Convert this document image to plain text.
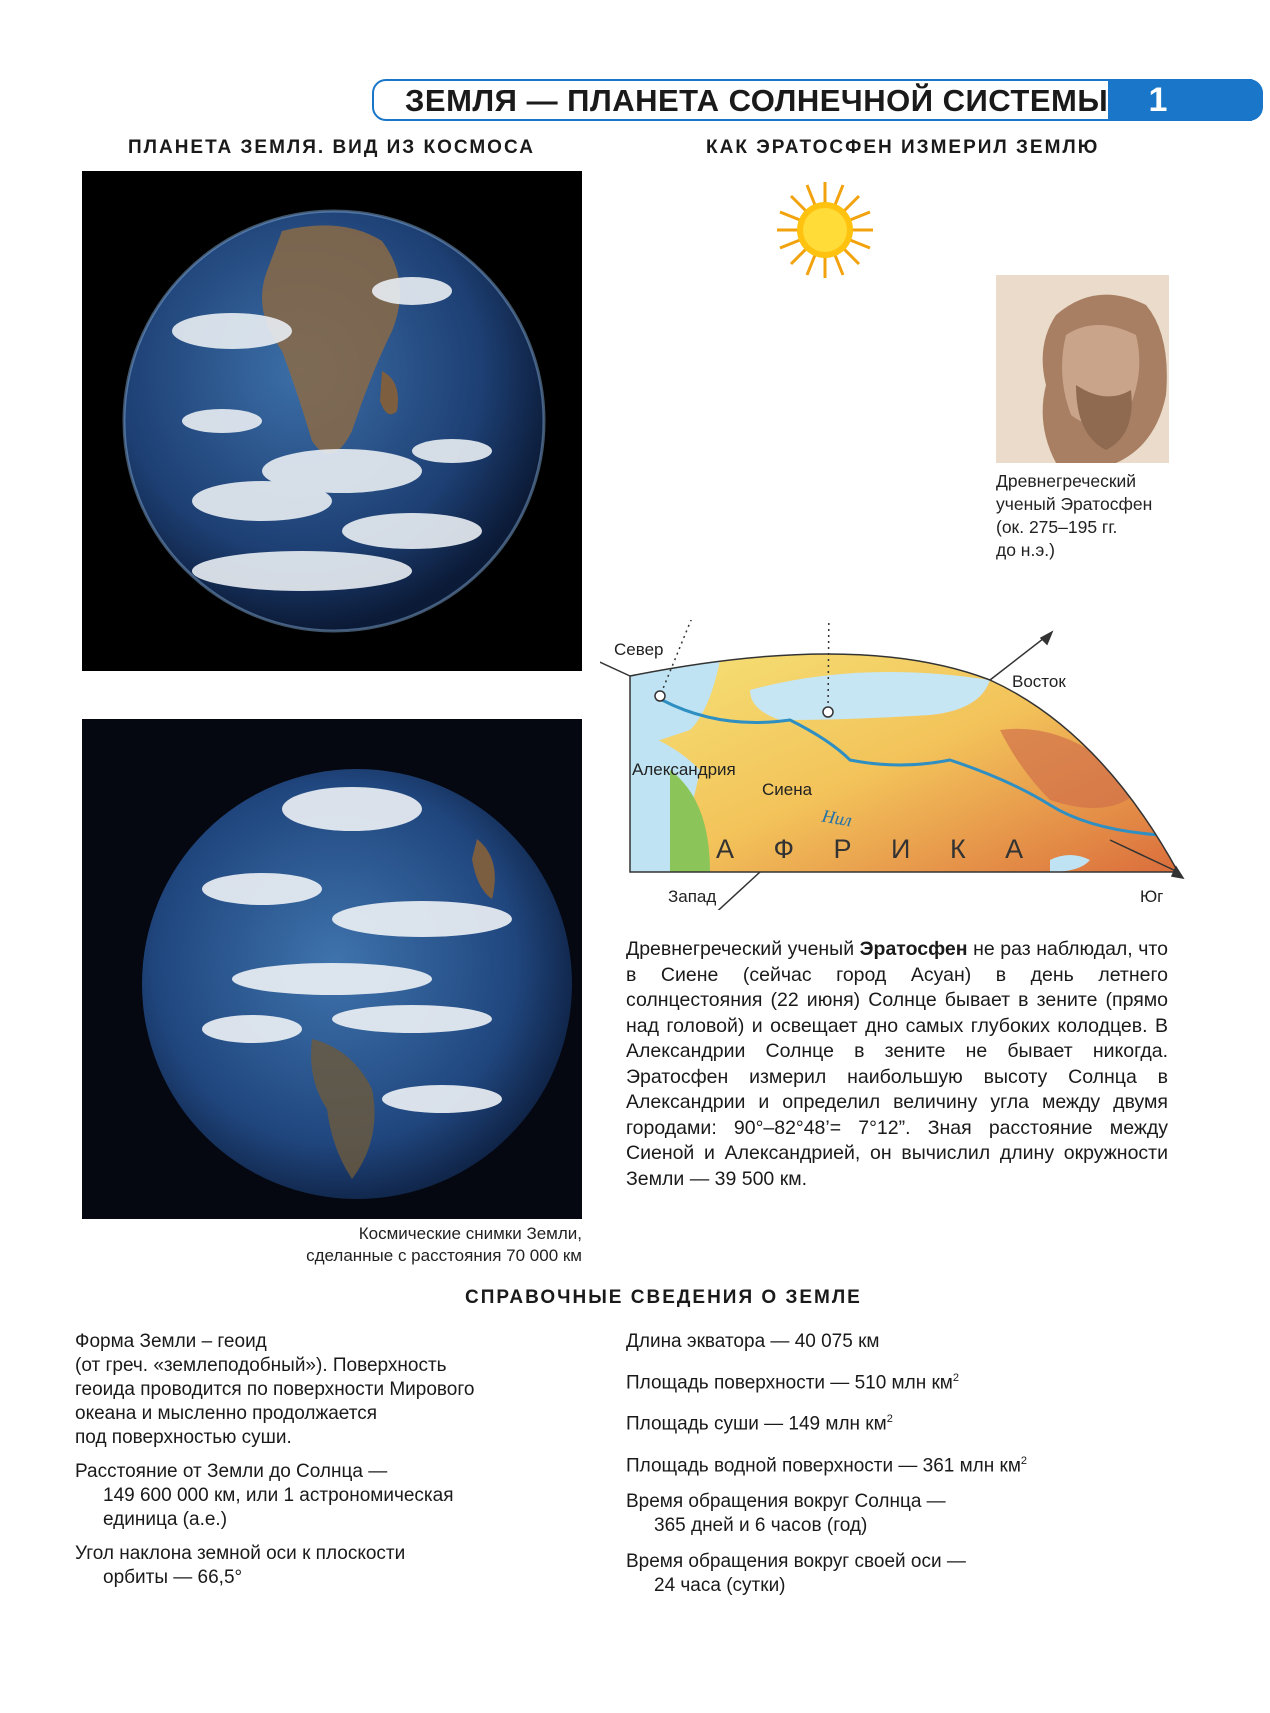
ЗЕМЛЯ — ПЛАНЕТА СОЛНЕЧНОЙ СИСТЕМЫ	1
ПЛАНЕТА ЗЕМЛЯ. ВИД ИЗ КОСМОСА
Космические снимки Земли,
сделанные с расстояния 70 000 км
КАК ЭРАТОСФЕН ИЗМЕРИЛ ЗЕМЛЮ
Древнегреческий
ученый Эратосфен
(ок. 275–195 гг.
до н.э.)
Север
Восток
Запад	Юг
Александрия
Сиена
Нил
А Ф Р И К А
Древнегреческий ученый Эратосфен не раз наблюдал, что в Сиене (сейчас город Асуан) в день летнего солнцестояния (22 июня) Солнце бывает в зените (прямо над головой) и освещает дно самых глубоких колодцев. В Александрии Солнце в зените не бывает никогда. Эратосфен измерил наибольшую высоту Солнца в Александрии и определил величину угла между двумя городами: 90°–82°48’= 7°12”. Зная расстояние между Сиеной и Александрией, он вычислил длину окружности Земли — 39 500 км.
СПРАВОЧНЫЕ СВЕДЕНИЯ О ЗЕМЛЕ
Форма Земли – геоид
(от греч. «землеподобный»). Поверхность
геоида проводится по поверхности Мирового
океана и мысленно продолжается
под поверхностью суши.
Расстояние от Земли до Солнца —
149 600 000 км, или 1 астрономическая
единица (а.е.)
Угол наклона земной оси к плоскости
орбиты — 66,5°
Длина экватора — 40 075 км
Площадь поверхности — 510 млн $км^2$
Площадь суши — 149 млн $км^2$
Площадь водной поверхности — 361 млн $км^2$
Время обращения вокруг Солнца —
365 дней и 6 часов (год)
Время обращения вокруг своей оси —
24 часа (сутки)
